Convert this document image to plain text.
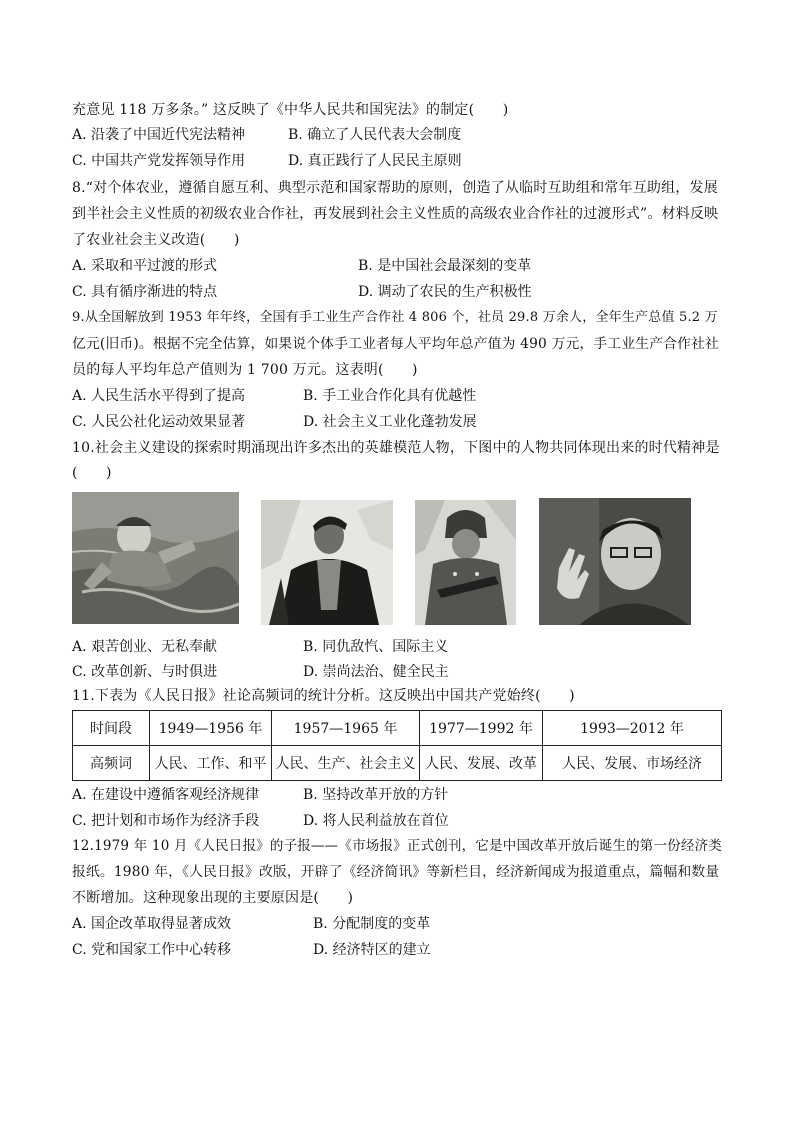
充意见 118 万多条。” 这反映了《中华人民共和国宪法》的制定(　　)
A. 沿袭了中国近代宪法精神	B. 确立了人民代表大会制度
C. 中国共产党发挥领导作用	D. 真正践行了人民民主原则
8.“对个体农业，遵循自愿互利、典型示范和国家帮助的原则，创造了从临时互助组和常年互助组，发展
到半社会主义性质的初级农业合作社，再发展到社会主义性质的高级农业合作社的过渡形式”。材料反映
了农业社会主义改造(　　)
A. 采取和平过渡的形式	B. 是中国社会最深刻的变革
C. 具有循序渐进的特点	D. 调动了农民的生产积极性
9.从全国解放到 1953 年年终，全国有手工业生产合作社 4 806 个，社员 29.8 万余人，全年生产总值 5.2 万
亿元(旧币)。根据不完全估算，如果说个体手工业者每人平均年总产值为 490 万元，手工业生产合作社社
员的每人平均年总产值则为 1 700 万元。这表明(　　)
A. 人民生活水平得到了提高	B. 手工业合作化具有优越性
C. 人民公社化运动效果显著	D. 社会主义工业化蓬勃发展
10.社会主义建设的探索时期涌现出许多杰出的英雄模范人物，下图中的人物共同体现出来的时代精神是
(　　)
A. 艰苦创业、无私奉献	B. 同仇敌忾、国际主义
C. 改革创新、与时俱进	D. 崇尚法治、健全民主
11.下表为《人民日报》社论高频词的统计分析。这反映出中国共产党始终(　　)
时间段	1949—1956 年	1957—1965 年	1977—1992 年	1993—2012 年
高频词	人民、工作、和平	人民、生产、社会主义	人民、发展、改革	人民、发展、市场经济
A. 在建设中遵循客观经济规律	B. 坚持改革开放的方针
C. 把计划和市场作为经济手段	D. 将人民利益放在首位
12.1979 年 10 月《人民日报》的子报——《市场报》正式创刊，它是中国改革开放后诞生的第一份经济类
报纸。1980 年，《人民日报》改版，开辟了《经济简讯》等新栏目，经济新闻成为报道重点，篇幅和数量
不断增加。这种现象出现的主要原因是(　　)
A. 国企改革取得显著成效	B. 分配制度的变革
C. 党和国家工作中心转移	D. 经济特区的建立
